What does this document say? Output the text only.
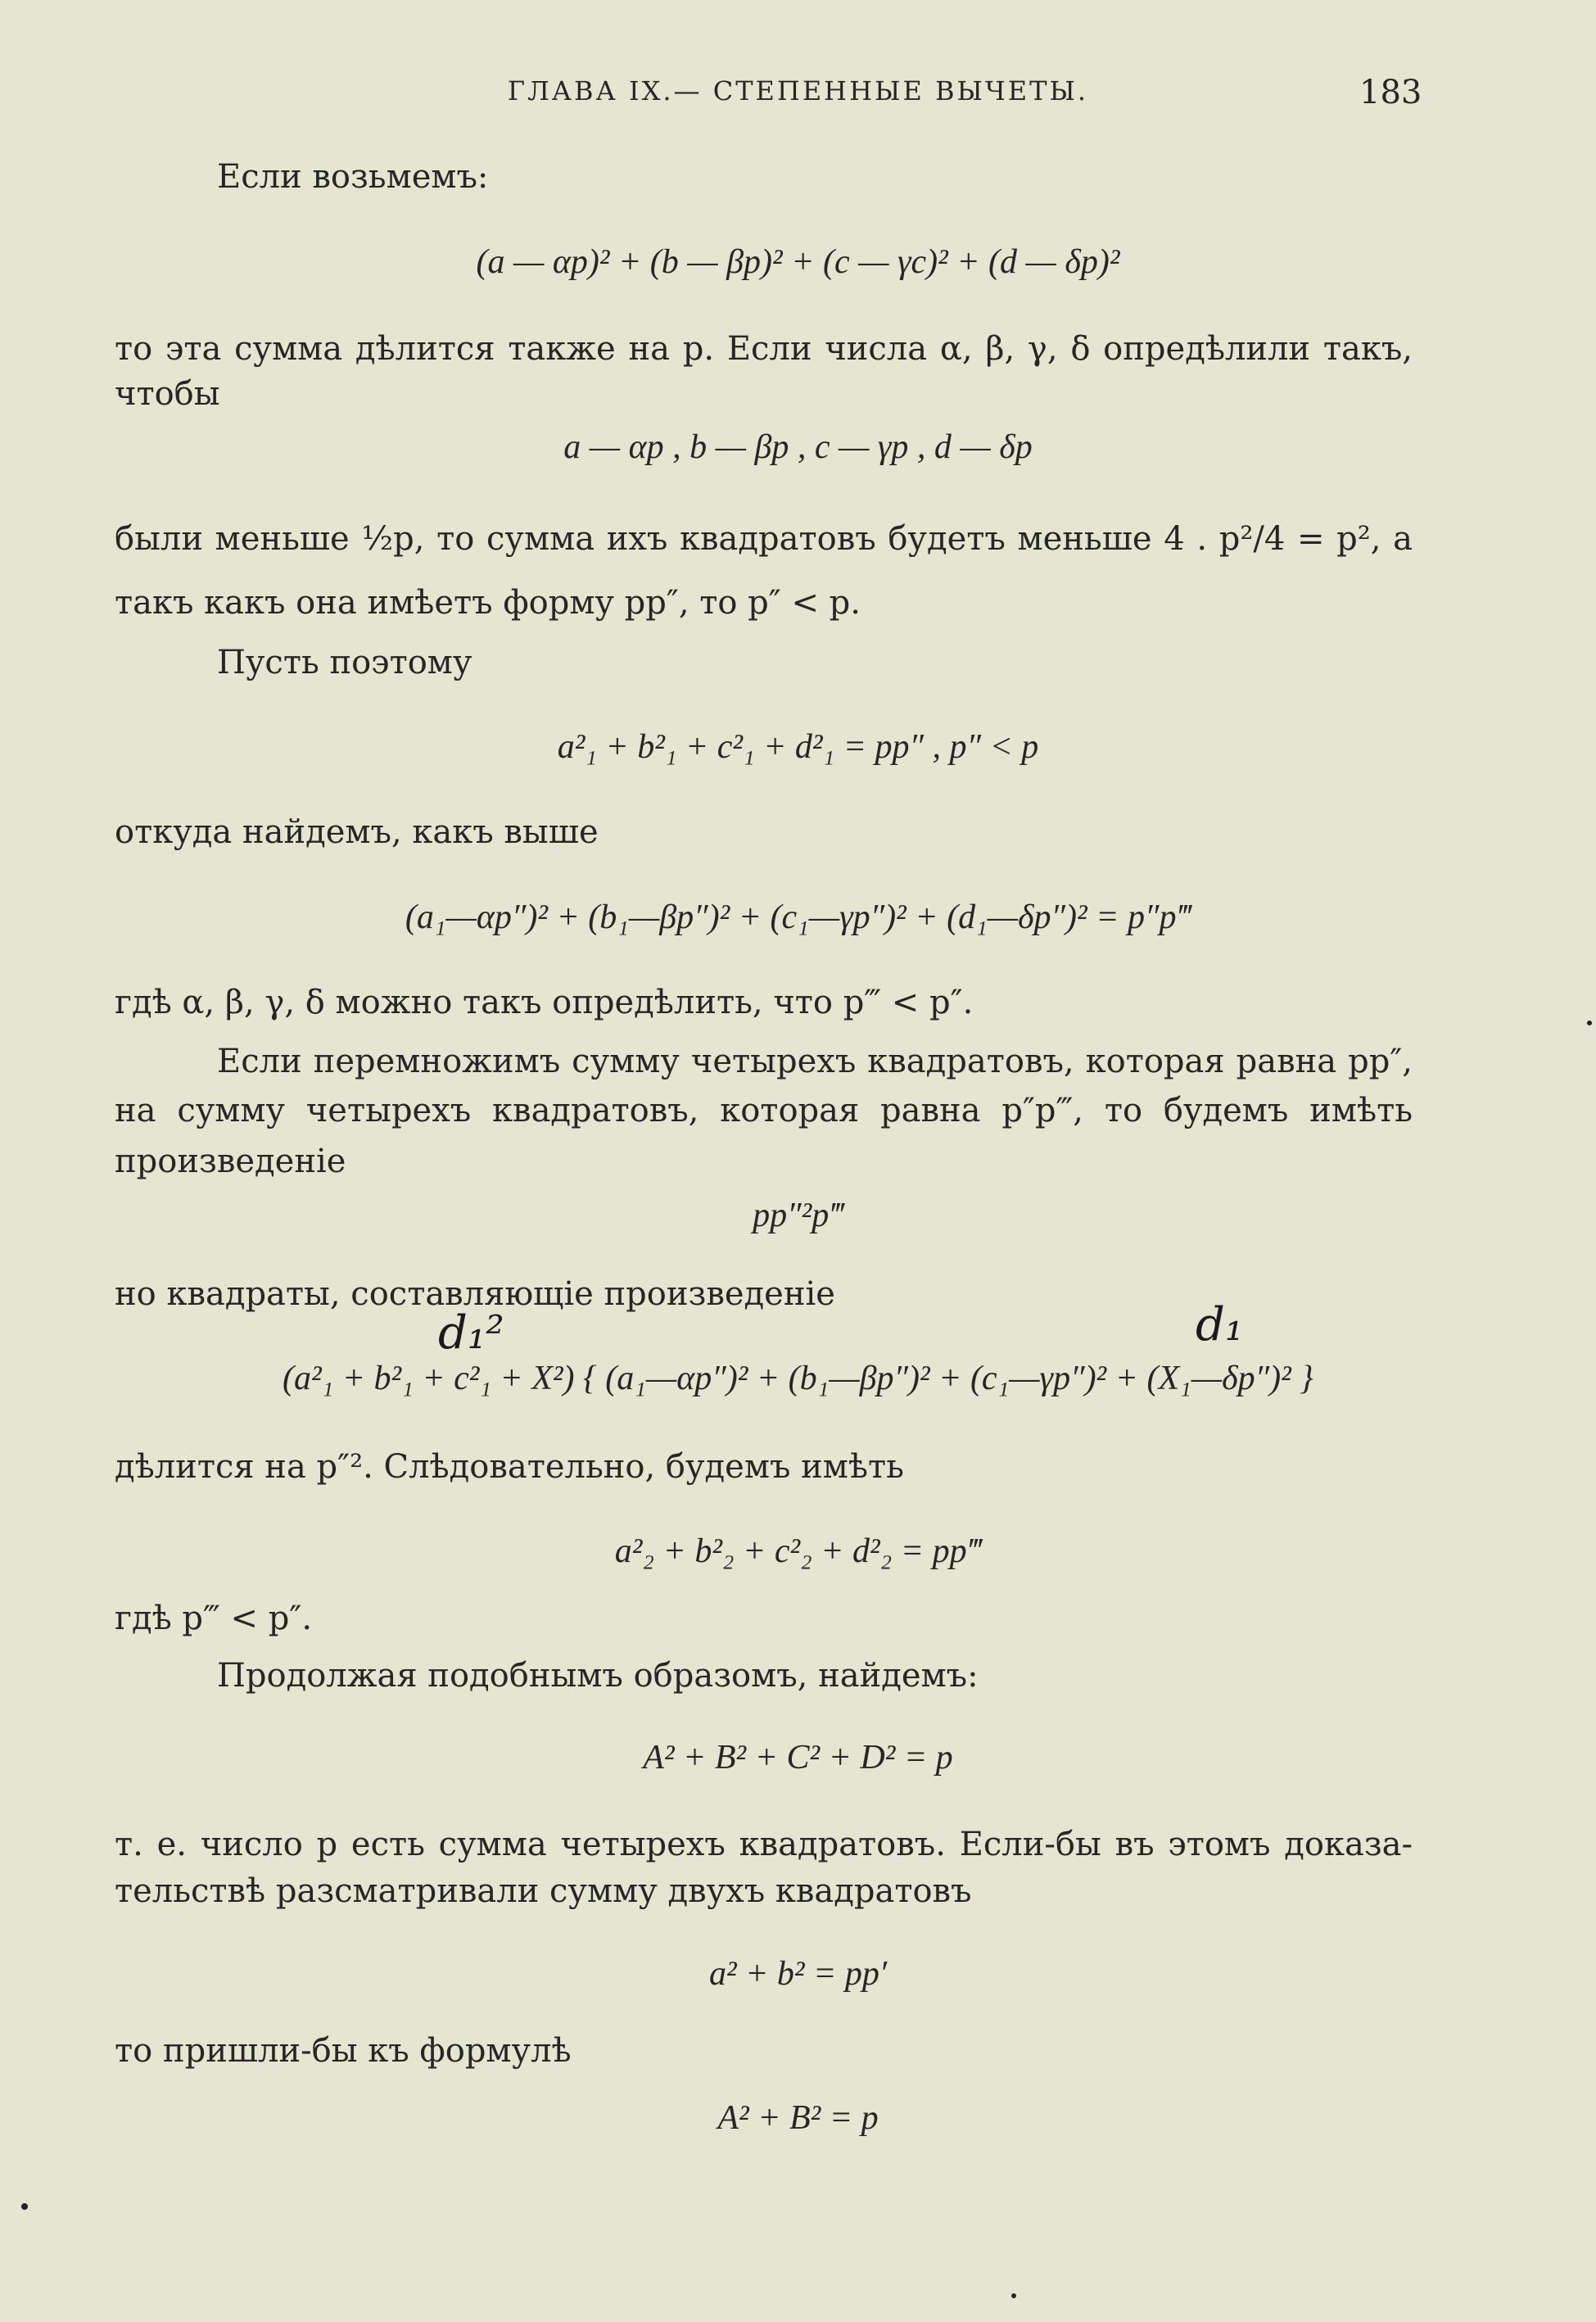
ГЛАВА IX.— СТЕПЕННЫЕ ВЫЧЕТЫ.	183
Если возьмемъ:
(a — αp)² + (b — βp)² + (c — γc)² + (d — δp)²
то эта сумма дѣлится также на p. Если числа α, β, γ, δ опредѣлили такъ,
чтобы
a — αp , b — βp , c — γp , d — δp
были меньше ½p, то сумма ихъ квадратовъ будетъ меньше 4 . p²/4 = p², а
такъ какъ она имѣетъ форму pp″, то p″ < p.
Пусть поэтому
a²₁ + b²₁ + c²₁ + d²₁ = pp″ , p″ < p
откуда найдемъ, какъ выше
(a₁—αp″)² + (b₁—βp″)² + (c₁—γp″)² + (d₁—δp″)² = p″p‴
гдѣ α, β, γ, δ можно такъ опредѣлить, что p‴ < p″.
Если перемножимъ сумму четырехъ квадратовъ, которая равна pp″,
на сумму четырехъ квадратовъ, которая равна p″p‴, то будемъ имѣть
произведеніе
pp″²p‴
но квадраты, составляющіе произведеніе
d₁²	d₁
(a²₁ + b²₁ + c²₁ + X²) { (a₁—αp″)² + (b₁—βp″)² + (c₁—γp″)² + (X₁—δp″)² }
дѣлится на p″². Слѣдовательно, будемъ имѣть
a²₂ + b²₂ + c²₂ + d²₂ = pp‴
гдѣ p‴ < p″.
Продолжая подобнымъ образомъ, найдемъ:
A² + B² + C² + D² = p
т. е. число p есть сумма четырехъ квадратовъ. Если-бы въ этомъ доказа-
тельствѣ разсматривали сумму двухъ квадратовъ
a² + b² = pp′
то пришли-бы къ формулѣ
A² + B² = p
